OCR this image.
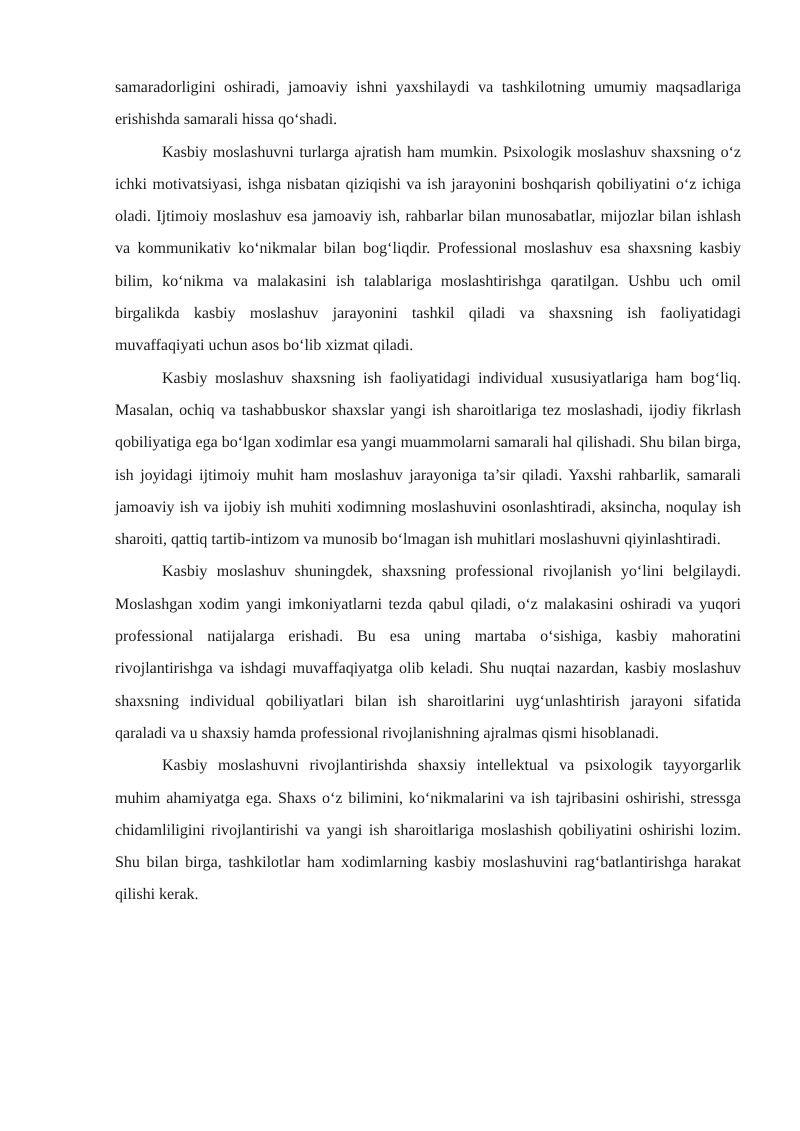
samaradorligini oshiradi, jamoaviy ishni yaxshilaydi va tashkilotning umumiy maqsadlariga erishishda samarali hissa qo‘shadi.

Kasbiy moslashuvni turlarga ajratish ham mumkin. Psixologik moslashuv shaxsning o‘z ichki motivatsiyasi, ishga nisbatan qiziqishi va ish jarayonini boshqarish qobiliyatini o‘z ichiga oladi. Ijtimoiy moslashuv esa jamoaviy ish, rahbarlar bilan munosabatlar, mijozlar bilan ishlash va kommunikativ ko‘nikmalar bilan bog‘liqdir. Professional moslashuv esa shaxsning kasbiy bilim, ko‘nikma va malakasini ish talablariga moslashtirishga qaratilgan. Ushbu uch omil birgalikda kasbiy moslashuv jarayonini tashkil qiladi va shaxsning ish faoliyatidagi muvaffaqiyati uchun asos bo‘lib xizmat qiladi.

Kasbiy moslashuv shaxsning ish faoliyatidagi individual xususiyatlariga ham bog‘liq. Masalan, ochiq va tashabbuskor shaxslar yangi ish sharoitlariga tez moslashadi, ijodiy fikrlash qobiliyatiga ega bo‘lgan xodimlar esa yangi muammolarni samarali hal qilishadi. Shu bilan birga, ish joyidagi ijtimoiy muhit ham moslashuv jarayoniga ta’sir qiladi. Yaxshi rahbarlik, samarali jamoaviy ish va ijobiy ish muhiti xodimning moslashuvini osonlashtiradi, aksincha, noqulay ish sharoiti, qattiq tartib-intizom va munosib bo‘lmagan ish muhitlari moslashuvni qiyinlashtiradi.

Kasbiy moslashuv shuningdek, shaxsning professional rivojlanish yo‘lini belgilaydi. Moslashgan xodim yangi imkoniyatlarni tezda qabul qiladi, o‘z malakasini oshiradi va yuqori professional natijalarga erishadi. Bu esa uning martaba o‘sishiga, kasbiy mahoratini rivojlantirishga va ishdagi muvaffaqiyatga olib keladi. Shu nuqtai nazardan, kasbiy moslashuv shaxsning individual qobiliyatlari bilan ish sharoitlarini uyg‘unlashtirish jarayoni sifatida qaraladi va u shaxsiy hamda professional rivojlanishning ajralmas qismi hisoblanadi.

Kasbiy moslashuvni rivojlantirishda shaxsiy intellektual va psixologik tayyorgarlik muhim ahamiyatga ega. Shaxs o‘z bilimini, ko‘nikmalarini va ish tajribasini oshirishi, stressga chidamliligini rivojlantirishi va yangi ish sharoitlariga moslashish qobiliyatini oshirishi lozim. Shu bilan birga, tashkilotlar ham xodimlarning kasbiy moslashuvini rag‘batlantirishga harakat qilishi kerak.
